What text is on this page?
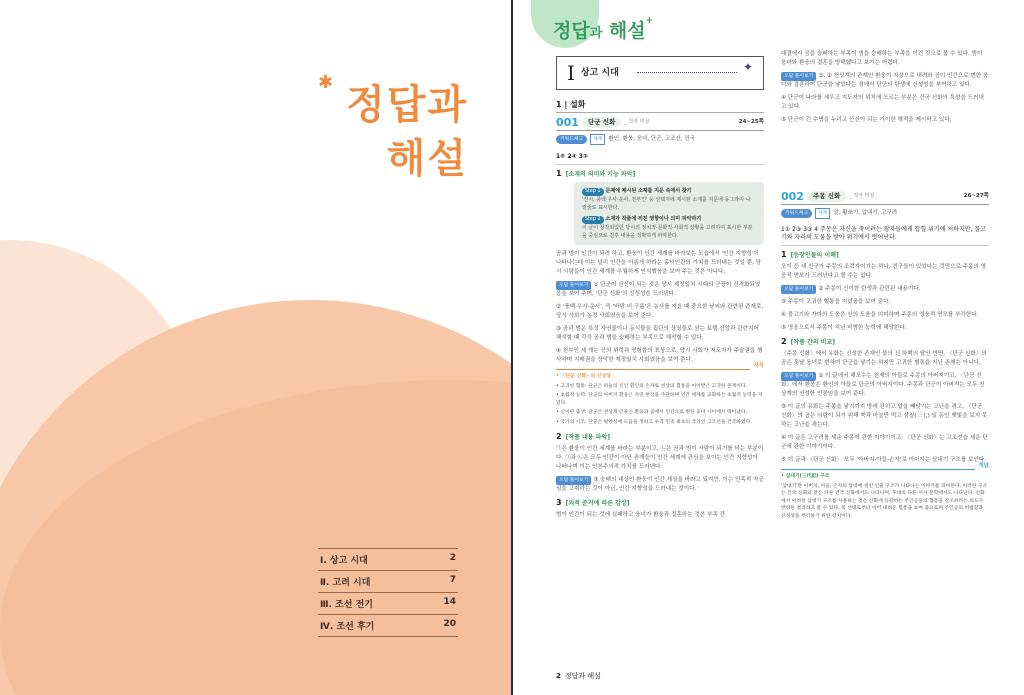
✱ 정답과
해설
Ⅰ. 상고 시대	2
Ⅱ. 고려 시대	7
Ⅲ. 조선 전기	14
Ⅳ. 조선 후기	20
정답과 해설+
I 상고 시대	✦
1 | 설화
001	단군 신화	_ 작자 미상	24~25쪽
키워드체크	제재	환인, 환웅, 웅녀, 단군, 고조선, 건국
1⑤ 2④ 3③
1 [소재의 의미와 기능 파악]
Step 1 문제에 제시된 소재를 지문 속에서 찾기
'신시, 풍백·우사·운사, 천부인' 등 선택지에 제시된 소재를 지문에 동그라미 나 밑줄로 표시한다.
Step 2 소재가 작품에 끼친 영향이나 의미 파악하기
이 글이 창작되었던 당시의 정치적·문화적·사회적 상황을 고려하여 표시한 부분을 중심으로 전후 내용을 정확하게 파악한다.
곰과 범이 인간이 되려 하고, 환웅이 인간 세계를 바라보는 모습에서 '인간 지향성'이 나타나는데 이는 널리 인간을 이롭게 하라는 홍익인간의 가치를 드러내는 것일 뿐, 당시 사람들이 인간 세계를 우월하게 인식했음을 보여 주는 것은 아니다.
오답 풀이보기 ① 단군이 산신이 되는 것은 당시 제정일치 시대의 군장이 신격화되었음을 보여 주며, '단군 신화'의 신성성을 드러낸다.
② '풍백·우사·운사', 즉 '바람·비·구름'은 농사를 지을 때 중요한 날씨와 관련된 존재로, 당시 사회가 농경 사회였음을 보여 준다.
③ 곰과 범은 특정 자연물이나 동식물을 집단의 상징물로 삼는 토템 신앙과 관련지어 해석할 때 각각 곰과 범을 숭배하는 부족으로 해석할 수 있다.
④ 천부인 세 개는 신의 위력과 영험함의 표상으로, 당시 사회가 지도자가 주술권을 행사하며 지배권을 장악한 제정일치 사회였음을 보여 준다.
지식
• 〈단군 신화〉의 신성성
• 고귀한 혈통: 단군은 하늘의 신인 환인의 손자로 천상의 혈통을 이어받은 고귀한 존재이다.
• 초월적 능력: 단군의 아버지 환웅은 자연 현상을 주관하며 인간 세계를 교화하는 초월적 능력을 지녔다.
• 신이한 출생: 단군은 천상계 인물인 환웅과 곰에서 인간으로 변한 웅녀 사이에서 태어났다.
• 국가의 시조: 단군은 평양성에 도읍을 정하고 우리 민족 최초의 국가인 고조선을 건국하였다.
2 [작품 내용 파악]
㉠은 환웅이 인간 세계를 바라는 부분이고, ㉡은 곰과 범이 사람이 되기를 비는 부분이다. ㉠과 ㉡은 모두 인간이 아닌 존재들이 인간 세계에 관심을 보이는 인간 지향성이 나타나며 이는 인본주의적 가치를 드러낸다.
오답 풀이보기 ③ 숭배의 대상인 환웅이 인간 세상을 바라고 있지만, 이는 민족적 자긍심을 고취하는 것이 아닌, 인간 지향성을 드러내는 것이다.
3 [외적 준거에 따른 감상]
범이 인간이 되는 것에 실패하고 웅녀가 환웅과 결혼하는 것은 부족 간
대결에서 곰을 숭배하는 부족이 범을 숭배하는 부족을 이긴 것으로 볼 수 있다. 범이 웅녀와 환웅의 결혼을 방해했다고 보기는 어렵다.
오답 풀이보기 ①, ② 천상계의 존재인 환웅이 지상으로 내려와 곰이 인간으로 변한 웅녀와 결혼하여 단군을 낳았다는 점에서 단군의 탄생에 신성성을 부여하고 있다.
④ 단군이 나라를 세우고 지도자의 위치에 오르는 부분은 건국 신화의 특성을 드러내고 있다.
⑤ 단군이 긴 수명을 누리고 산신이 되는 기이한 행적을 제시하고 있다.
002	주몽 신화	_ 작자 미상	26~27쪽
키워드체크	제재	알, 활쏘기, 압대기, 고구려
1① 2③ 3③ 4 주몽은 자신을 죽이려는 왕자들에게 잡힐 위기에 처하지만, 물고기와 자라의 도움을 받아 위기에서 벗어난다.
1 [등장인물의 이해]
오이 등 세 친구가 주몽의 조력자이기는 하나, 친구들이 있었다는 것만으로 주몽의 영웅적 면모가 드러난다고 볼 수는 없다.
오답 풀이보기 ② 주몽이 신이한 탄생과 관련된 내용이다.
③ 주몽이 고귀한 혈통을 지녔음을 보여 준다.
④ 물고기와 자라의 도움은 신의 도움을 의미하며 주몽의 영웅적 면모를 부각한다.
⑤ 영웅으로서 주몽이 지닌 비범한 능력에 해당한다.
2 [작품 간의 비교]
〈주몽 신화〉에서 유화는 신성한 존재인 물의 신 하백의 딸인 반면, 〈단군 신화〉의 곰은 훗날 웅녀로 변하여 단군을 낳기는 하지만 고귀한 혈통을 지닌 존재는 아니다.
오답 풀이보기 ① 이 글에서 해모수는 천제의 아들로 주몽의 아버지이고, 〈단군 신화〉에서 환웅은 환인의 아들로 단군의 아버지이다. 주몽과 단군이 아버지는 모두 천상계의 신성한 인물임을 보여 준다.
③ 이 글의 유화는 주몽을 낳기까지 방에 갇히고 알을 빼앗기는 고난을 겪고, 〈단군 신화〉의 곰은 사람이 되기 위해 쑥과 마늘만 먹고 삼칠(三七) 일 동안 햇빛을 보지 못하는 고난을 겪는다.
④ 이 글은 고구려를 세운 주몽에 관한 이야기이고, 〈단군 신화〉는 고조선을 세운 단군에 관한 이야기이다.
⑤ 이 글과 〈단군 신화〉 모두 '아버지-아들-손자'로 이어지는 삼대기 구조를 보인다.
개념
• 삼대기(三代記) 구조
'삼대기'란 아버지, 아들, 손자의 삼대에 걸친 인물 구조가 나타나는 이야기를 의미한다. 이러한 구조는 건국 신화와 같은 다른 건국 신화에서도 나타나며, 후대의 다른 서사 문학에서도 나타난다. 신화에서 이러한 삼대기 구조를 사용하는 것은 신화에 등장하는 주인공들의 혈통을 강조하려는 의도가 반영된 결과라고 볼 수 있다. 즉 선대로부터 이어 내려온 혈통을 보여 줌으로써 주인공의 비범함과 신성성을 부각하기 위한 장치이다.
2 정답과 해설
